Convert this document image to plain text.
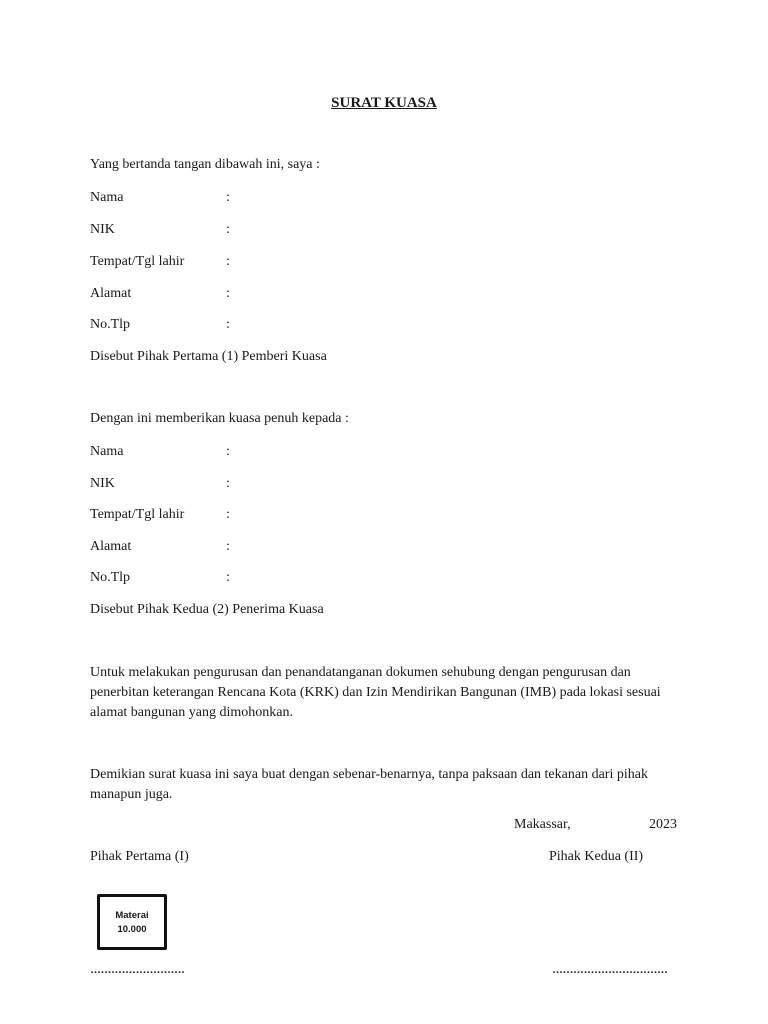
SURAT KUASA
Yang bertanda tangan dibawah ini, saya :
Nama	:
NIK	:
Tempat/Tgl lahir	:
Alamat	:
No.Tlp	:
Disebut Pihak Pertama (1) Pemberi Kuasa
Dengan ini memberikan kuasa penuh kepada :
Nama	:
NIK	:
Tempat/Tgl lahir	:
Alamat	:
No.Tlp	:
Disebut Pihak Kedua (2) Penerima Kuasa
Untuk melakukan pengurusan dan penandatanganan dokumen sehubung dengan pengurusan dan penerbitan keterangan Rencana Kota (KRK) dan Izin Mendirikan Bangunan (IMB) pada lokasi sesuai alamat bangunan yang dimohonkan.
Demikian surat kuasa ini saya buat dengan sebenar-benarnya, tanpa paksaan dan tekanan dari pihak manapun juga.
Makassar,	2023
Pihak Pertama (I)	Pihak Kedua (II)
Materai
10.000
………………………	……………………………
